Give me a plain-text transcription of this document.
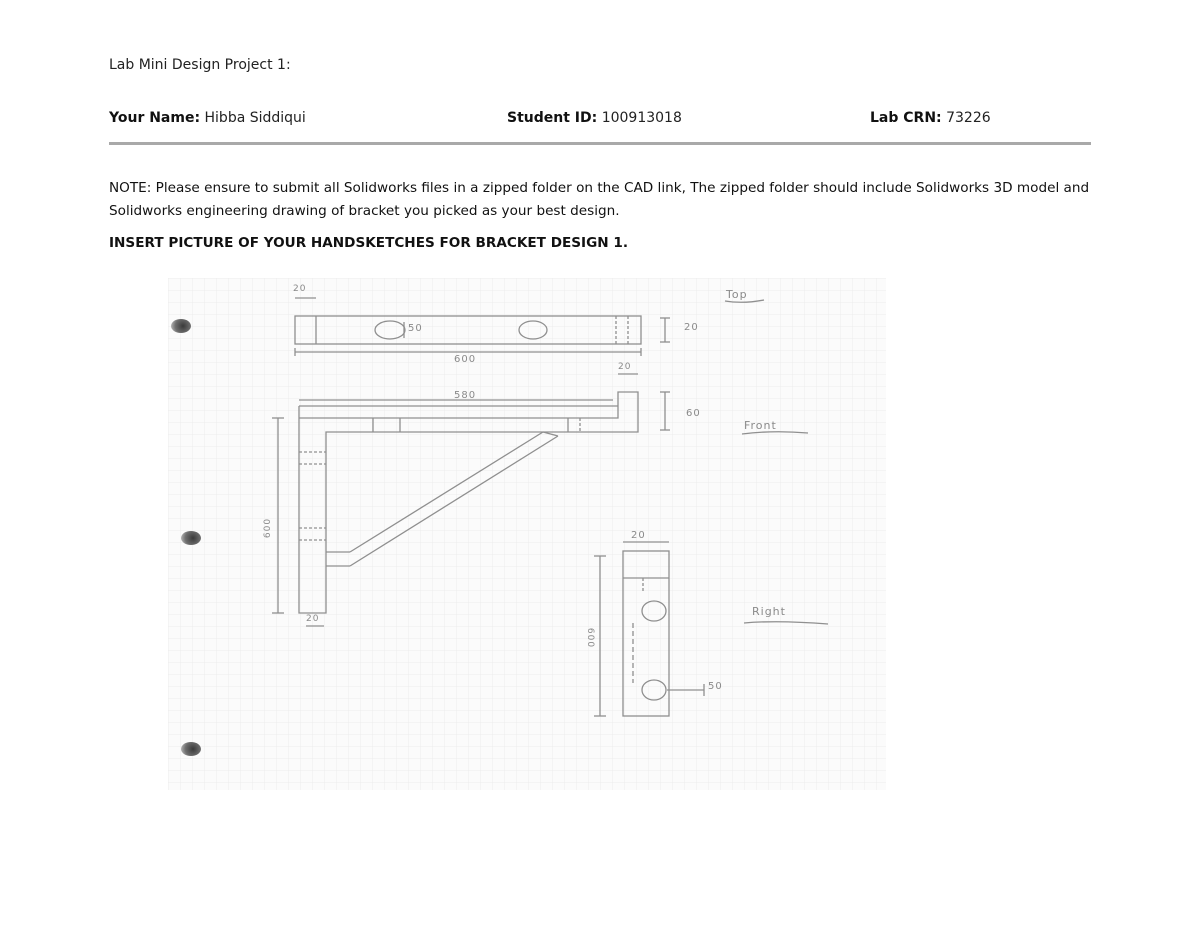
Lab Mini Design Project 1:
Your Name: Hibba Siddiqui	Student ID: 100913018	Lab CRN: 73226
NOTE: Please ensure to submit all Solidworks files in a zipped folder on the CAD link, The zipped folder should include Solidworks 3D model and Solidworks engineering drawing of bracket you picked as your best design.
INSERT PICTURE OF YOUR HANDSKETCHES FOR BRACKET DESIGN 1.
Top
Front
Right
20
50
600
20
580
20
60
600
20
20
600
50
